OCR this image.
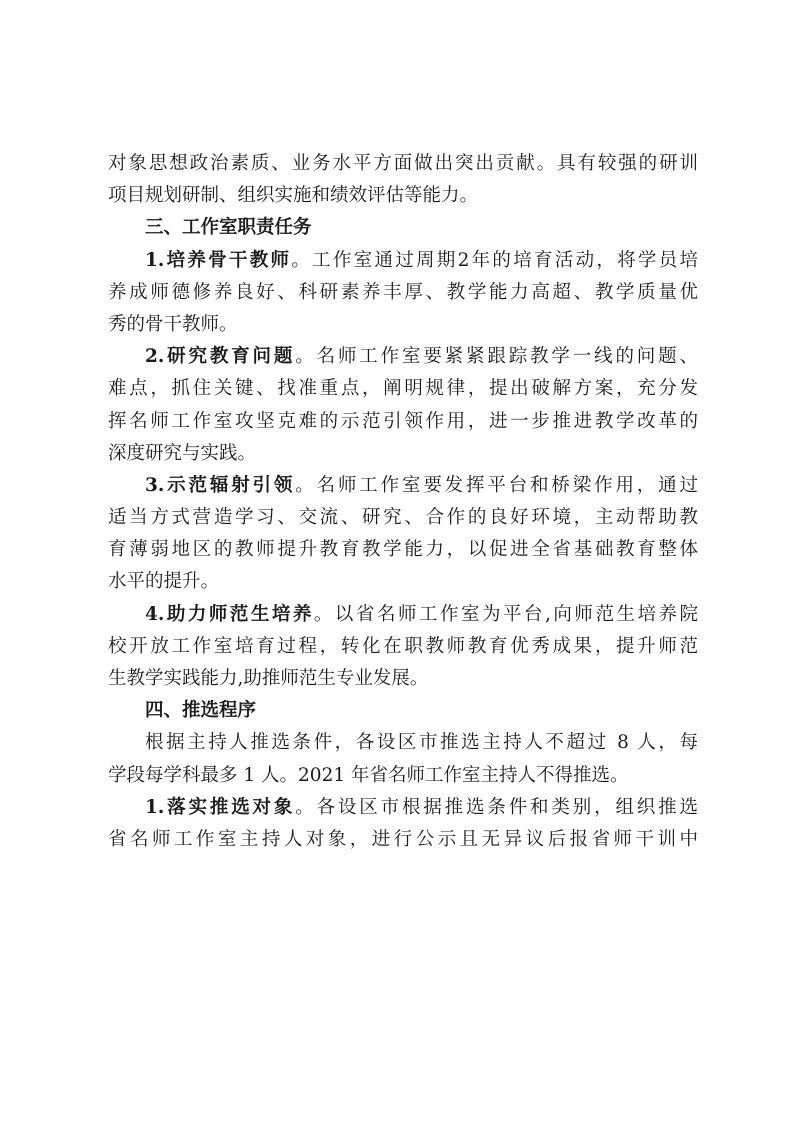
对象思想政治素质、业务水平方面做出突出贡献。具有较强的研训
项目规划研制、组织实施和绩效评估等能力。
三、工作室职责任务
1.培养骨干教师。工作室通过周期2年的培育活动，将学员培
养成师德修养良好、科研素养丰厚、教学能力高超、教学质量优
秀的骨干教师。
2.研究教育问题。名师工作室要紧紧跟踪教学一线的问题、
难点，抓住关键、找准重点，阐明规律，提出破解方案，充分发
挥名师工作室攻坚克难的示范引领作用，进一步推进教学改革的
深度研究与实践。
3.示范辐射引领。名师工作室要发挥平台和桥梁作用，通过
适当方式营造学习、交流、研究、合作的良好环境，主动帮助教
育薄弱地区的教师提升教育教学能力，以促进全省基础教育整体
水平的提升。
4.助力师范生培养。以省名师工作室为平台,向师范生培养院
校开放工作室培育过程，转化在职教师教育优秀成果，提升师范
生教学实践能力,助推师范生专业发展。
四、推选程序
根据主持人推选条件，各设区市推选主持人不超过 8 人，每
学段每学科最多 1 人。2021 年省名师工作室主持人不得推选。
1.落实推选对象。各设区市根据推选条件和类别，组织推选
省名师工作室主持人对象，进行公示且无异议后报省师干训中
